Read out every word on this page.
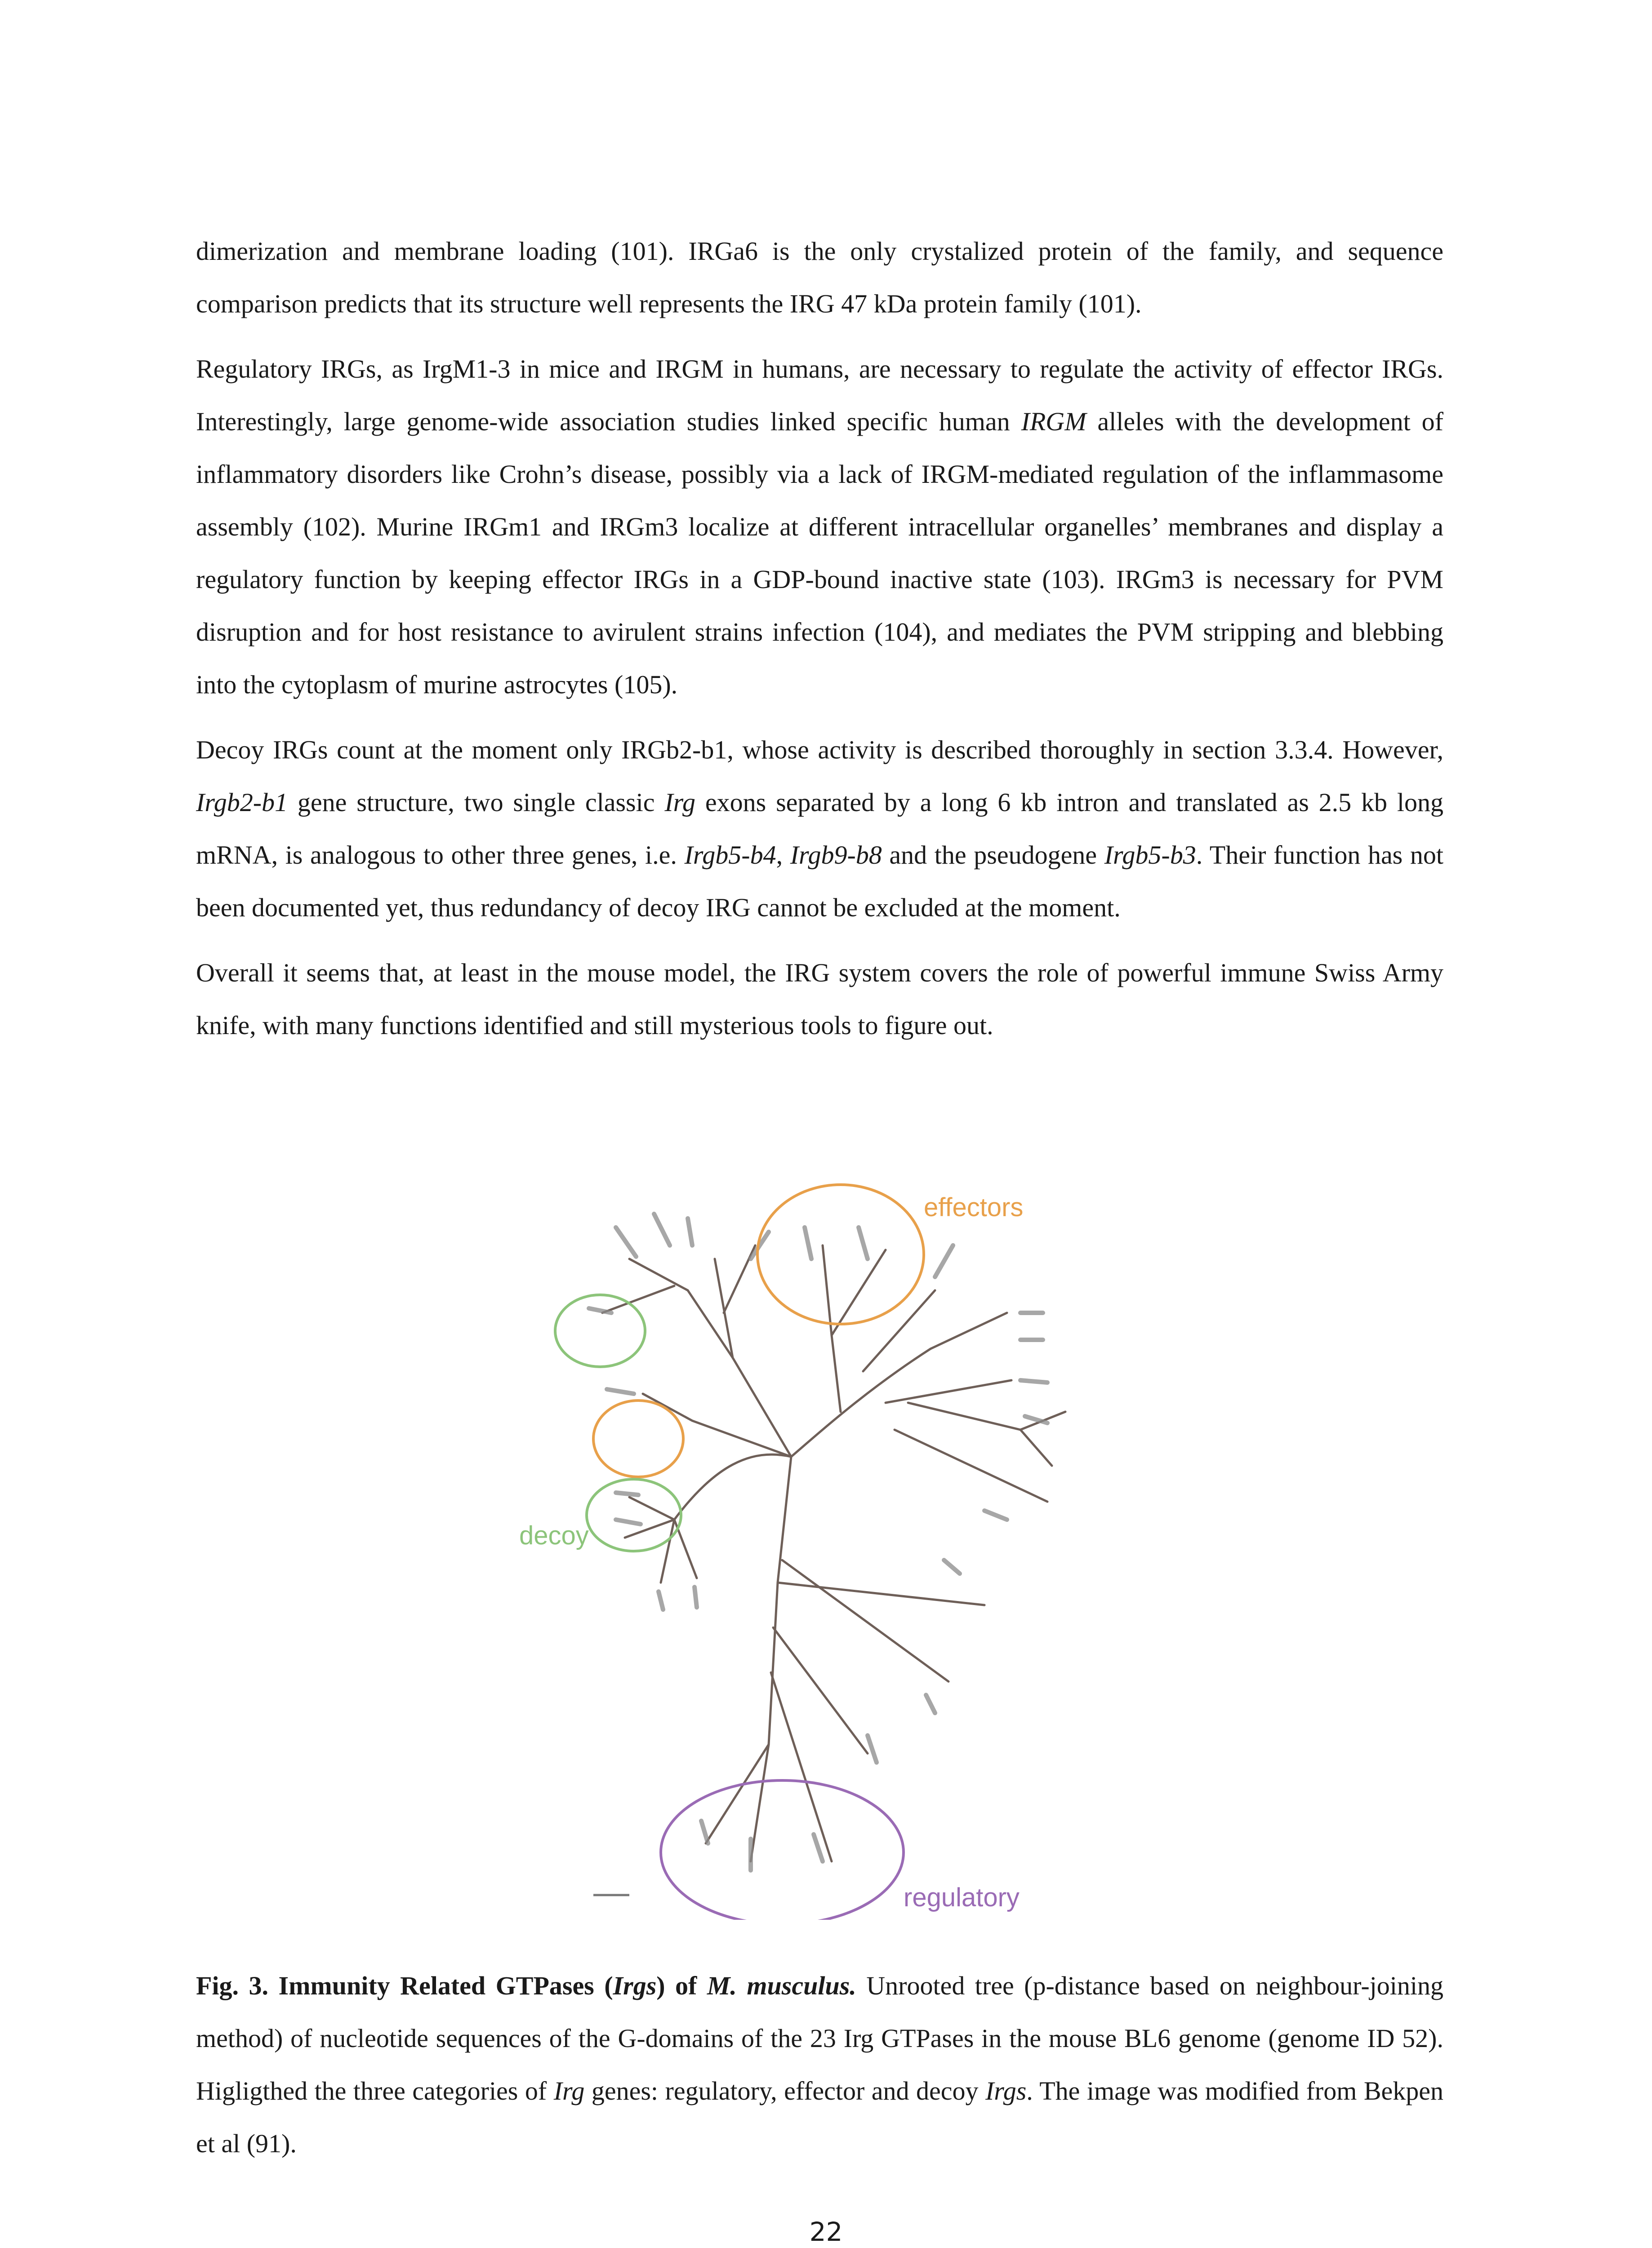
dimerization and membrane loading (101). IRGa6 is the only crystalized protein of the family, and sequence comparison predicts that its structure well represents the IRG 47 kDa protein family (101).

Regulatory IRGs, as IrgM1-3 in mice and IRGM in humans, are necessary to regulate the activity of effector IRGs. Interestingly, large genome-wide association studies linked specific human IRGM alleles with the development of inflammatory disorders like Crohn’s disease, possibly via a lack of IRGM-mediated regulation of the inflammasome assembly (102). Murine IRGm1 and IRGm3 localize at different intracellular organelles’ membranes and display a regulatory function by keeping effector IRGs in a GDP-bound inactive state (103). IRGm3 is necessary for PVM disruption and for host resistance to avirulent strains infection (104), and mediates the PVM stripping and blebbing into the cytoplasm of murine astrocytes (105).

Decoy IRGs count at the moment only IRGb2-b1, whose activity is described thoroughly in section 3.3.4. However, Irgb2-b1 gene structure, two single classic Irg exons separated by a long 6 kb intron and translated as 2.5 kb long mRNA, is analogous to other three genes, i.e. Irgb5-b4, Irgb9-b8 and the pseudogene Irgb5-b3. Their function has not been documented yet, thus redundancy of decoy IRG cannot be excluded at the moment.

Overall it seems that, at least in the mouse model, the IRG system covers the role of powerful immune Swiss Army knife, with many functions identified and still mysterious tools to figure out.

effectors
decoy
regulatory
Fig. 3. Immunity Related GTPases (Irgs) of M. musculus. Unrooted tree (p-distance based on neighbour-joining method) of nucleotide sequences of the G-domains of the 23 Irg GTPases in the mouse BL6 genome (genome ID 52). Higligthed the three categories of Irg genes: regulatory, effector and decoy Irgs. The image was modified from Bekpen et al (91).
22
